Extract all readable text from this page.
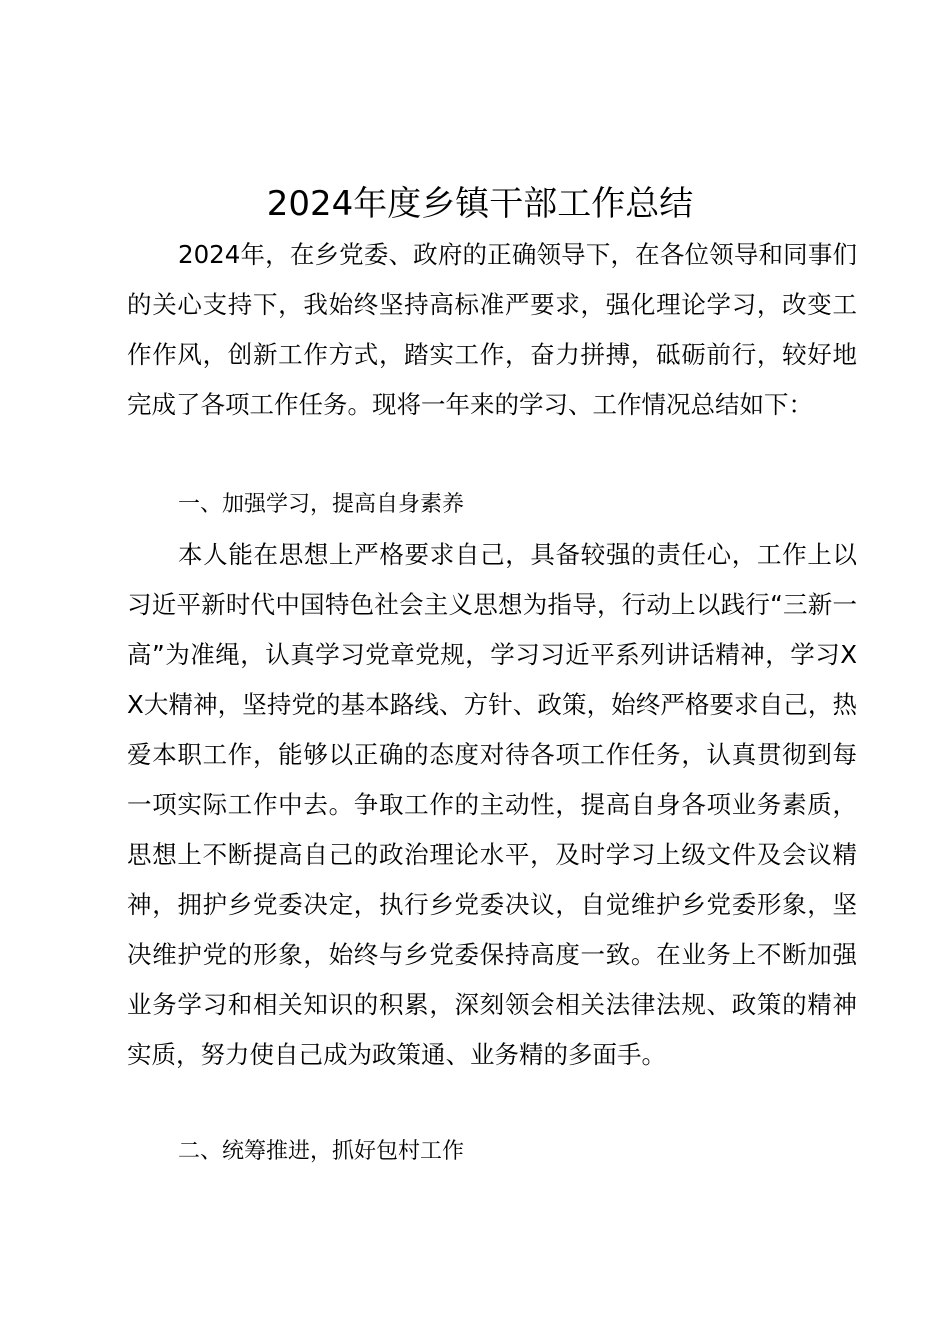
2024年度乡镇干部工作总结

2024年，在乡党委、政府的正确领导下，在各位领导和同事们的关心支持下，我始终坚持高标准严要求，强化理论学习，改变工作作风，创新工作方式，踏实工作，奋力拼搏，砥砺前行，较好地完成了各项工作任务。现将一年来的学习、工作情况总结如下：

一、加强学习，提高自身素养

本人能在思想上严格要求自己，具备较强的责任心，工作上以习近平新时代中国特色社会主义思想为指导，行动上以践行“三新一高”为准绳，认真学习党章党规，学习习近平系列讲话精神，学习XX大精神，坚持党的基本路线、方针、政策，始终严格要求自己，热爱本职工作，能够以正确的态度对待各项工作任务，认真贯彻到每一项实际工作中去。争取工作的主动性，提高自身各项业务素质，思想上不断提高自己的政治理论水平，及时学习上级文件及会议精神，拥护乡党委决定，执行乡党委决议，自觉维护乡党委形象，坚决维护党的形象，始终与乡党委保持高度一致。在业务上不断加强业务学习和相关知识的积累，深刻领会相关法律法规、政策的精神实质，努力使自己成为政策通、业务精的多面手。

二、统筹推进，抓好包村工作
